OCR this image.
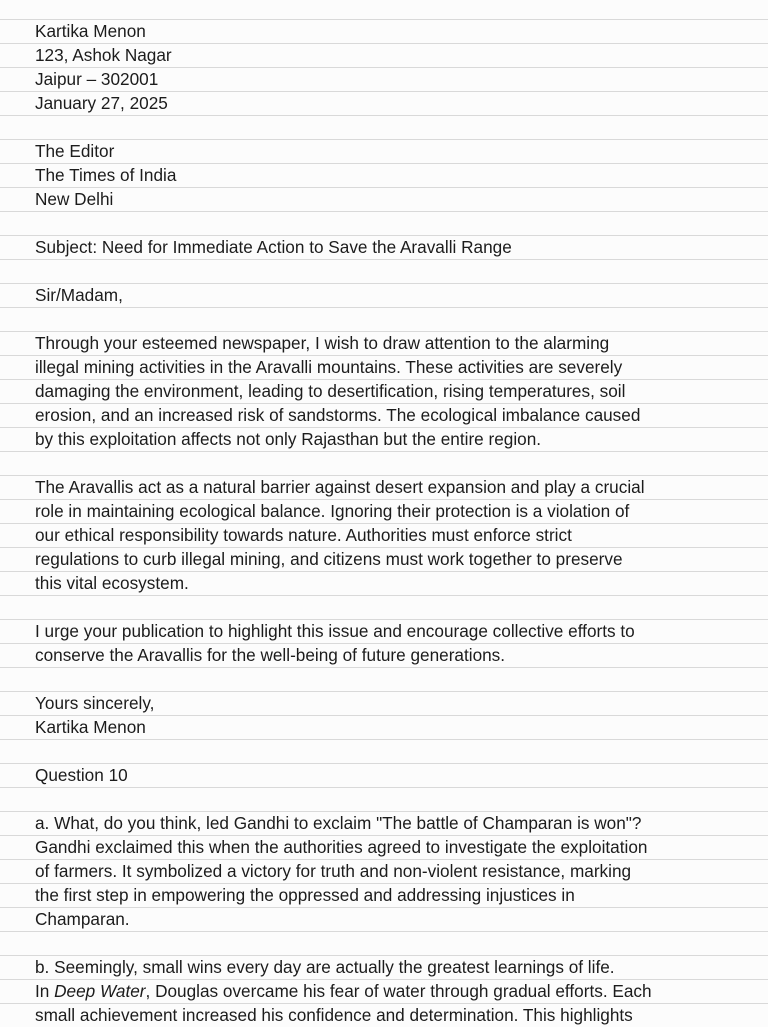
Kartika Menon
123, Ashok Nagar
Jaipur – 302001
January 27, 2025
The Editor
The Times of India
New Delhi
Subject: Need for Immediate Action to Save the Aravalli Range
Sir/Madam,
Through your esteemed newspaper, I wish to draw attention to the alarming
illegal mining activities in the Aravalli mountains. These activities are severely
damaging the environment, leading to desertification, rising temperatures, soil
erosion, and an increased risk of sandstorms. The ecological imbalance caused
by this exploitation affects not only Rajasthan but the entire region.
The Aravallis act as a natural barrier against desert expansion and play a crucial
role in maintaining ecological balance. Ignoring their protection is a violation of
our ethical responsibility towards nature. Authorities must enforce strict
regulations to curb illegal mining, and citizens must work together to preserve
this vital ecosystem.
I urge your publication to highlight this issue and encourage collective efforts to
conserve the Aravallis for the well-being of future generations.
Yours sincerely,
Kartika Menon
Question 10
a. What, do you think, led Gandhi to exclaim "The battle of Champaran is won"?
Gandhi exclaimed this when the authorities agreed to investigate the exploitation
of farmers. It symbolized a victory for truth and non-violent resistance, marking
the first step in empowering the oppressed and addressing injustices in
Champaran.
b. Seemingly, small wins every day are actually the greatest learnings of life.
In Deep Water, Douglas overcame his fear of water through gradual efforts. Each
small achievement increased his confidence and determination. This highlights
